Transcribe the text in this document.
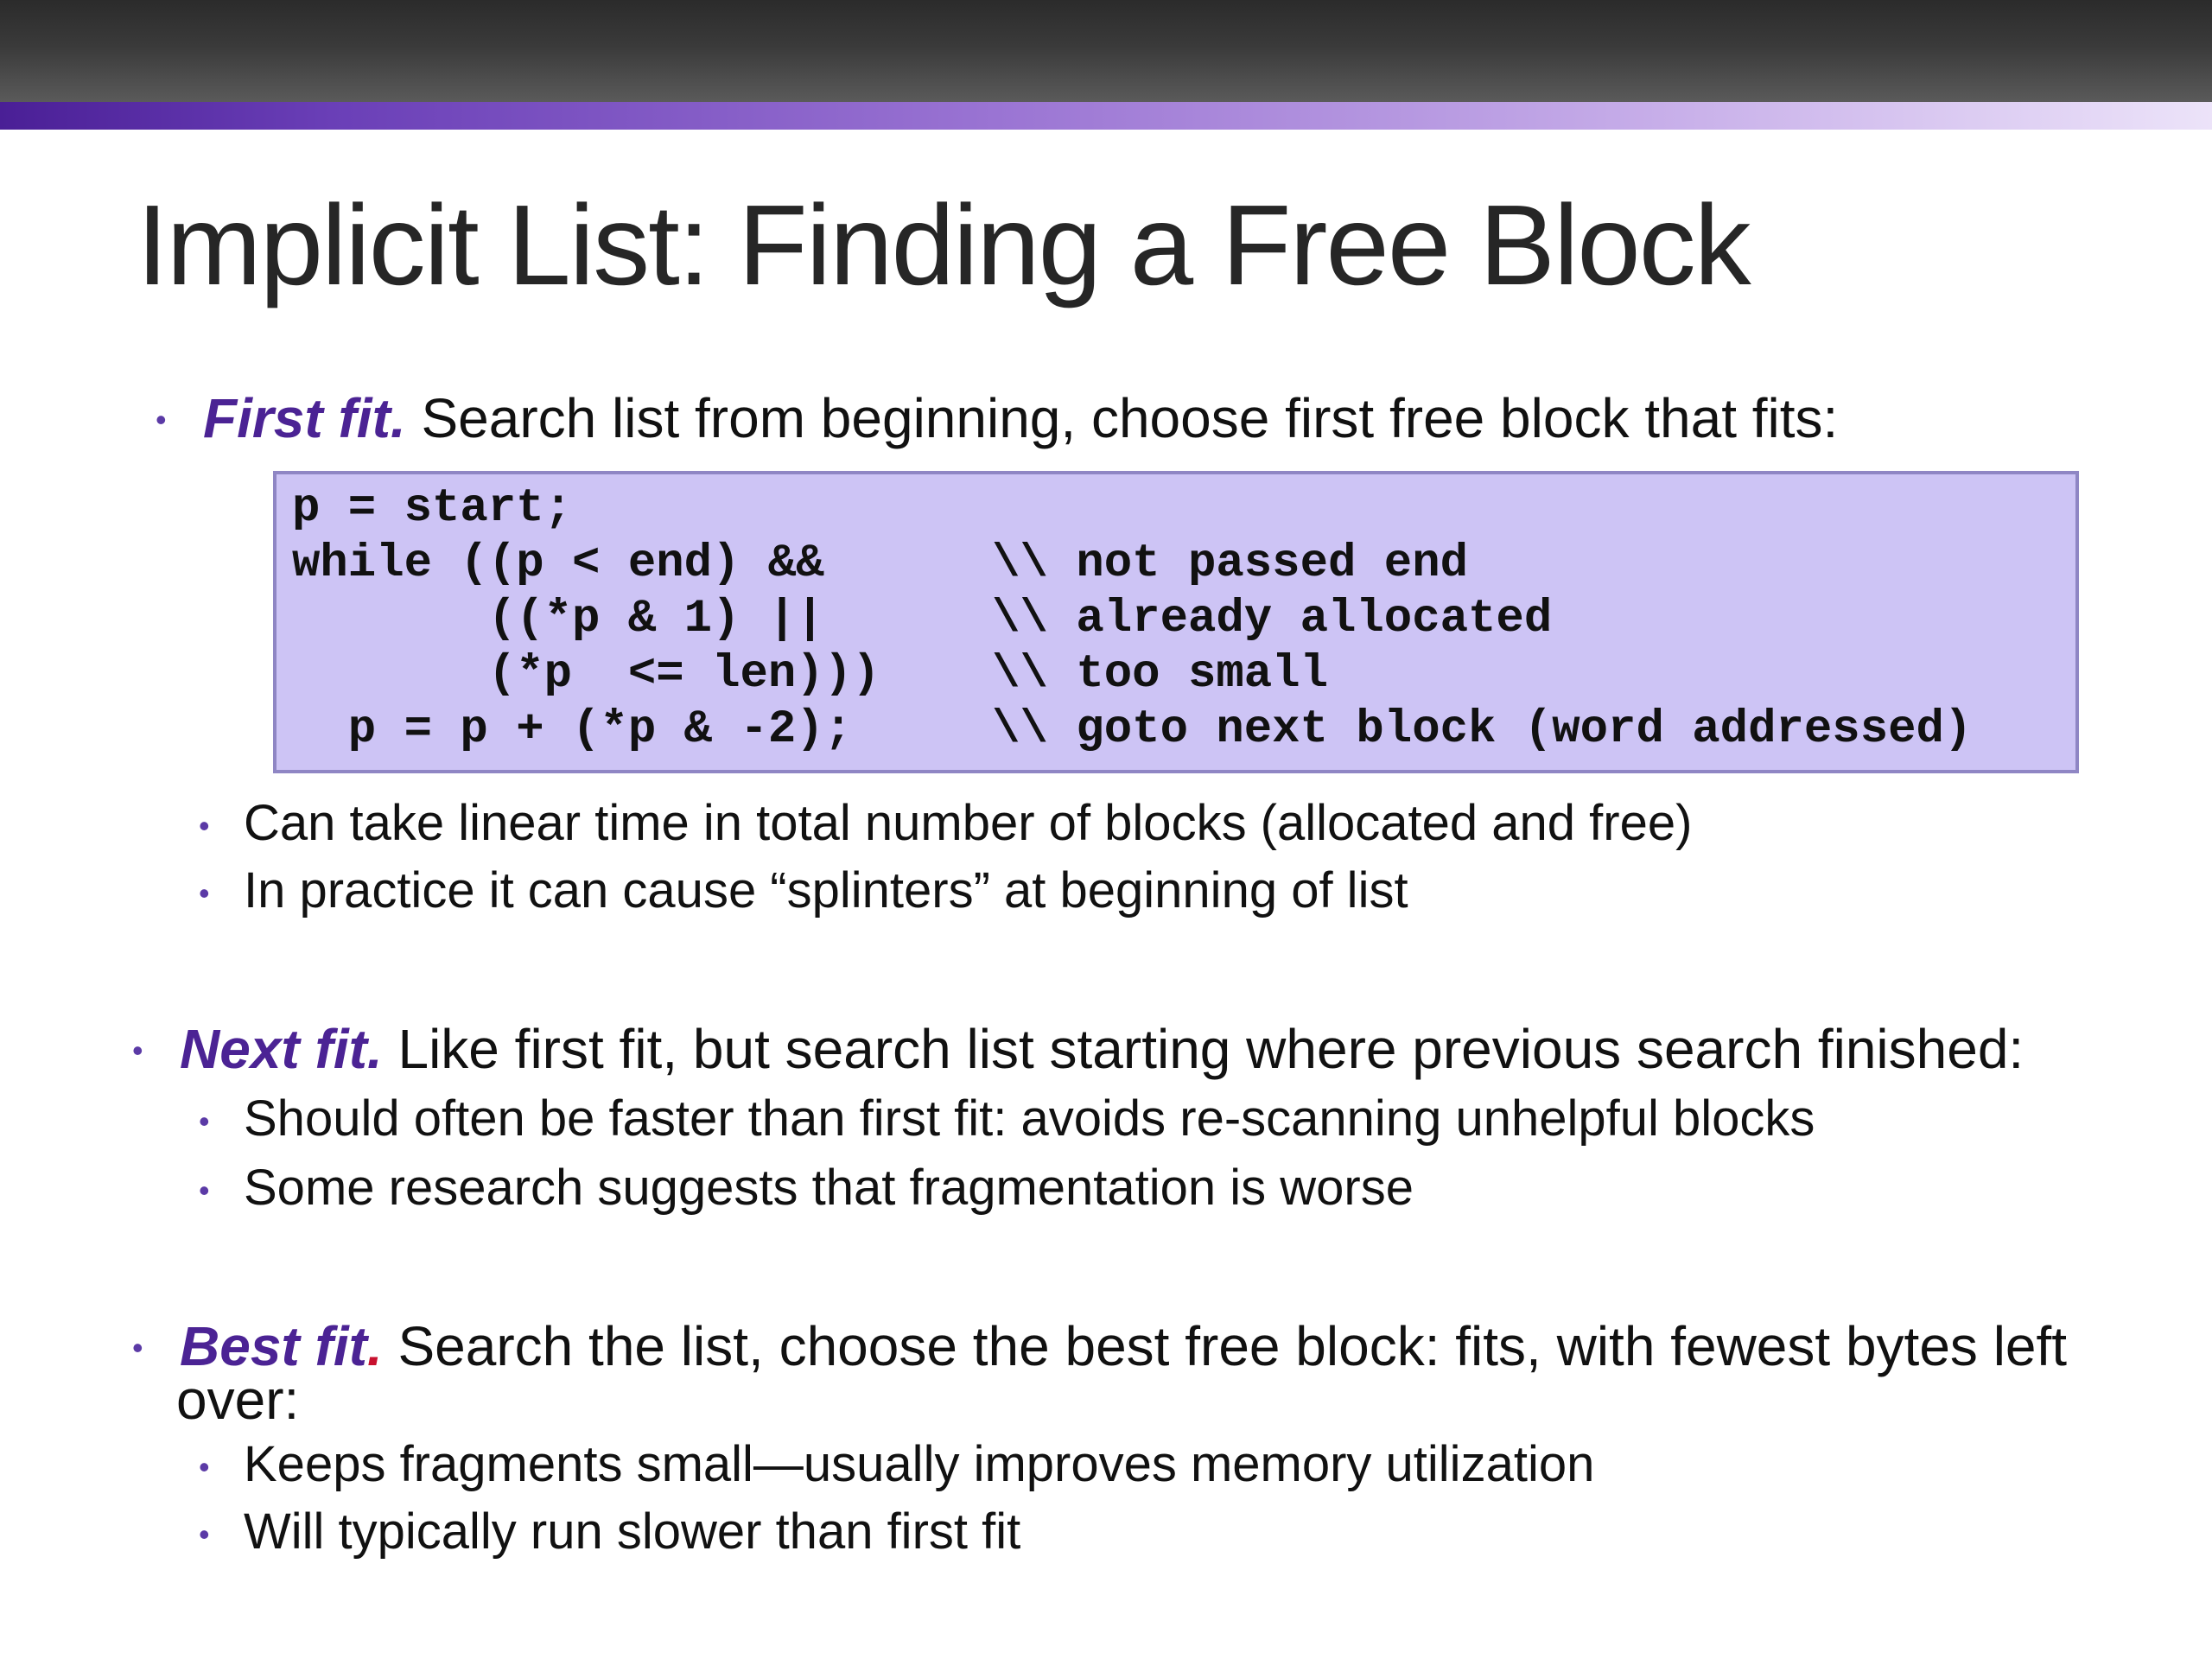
Implicit List: Finding a Free Block
• First fit. Search list from beginning, choose first free block that fits:
p = start;
while ((p < end) &&      \\ not passed end
((*p & 1) ||      \\ already allocated
(*p  <= len)))    \\ too small
p = p + (*p & -2);     \\ goto next block (word addressed)
• Can take linear time in total number of blocks (allocated and free)
• In practice it can cause “splinters” at beginning of list
• Next fit. Like first fit, but search list starting where previous search finished:
• Should often be faster than first fit: avoids re-scanning unhelpful blocks
• Some research suggests that fragmentation is worse
• Best fit. Search the list, choose the best free block: fits, with fewest bytes left
over:
• Keeps fragments small—usually improves memory utilization
• Will typically run slower than first fit
